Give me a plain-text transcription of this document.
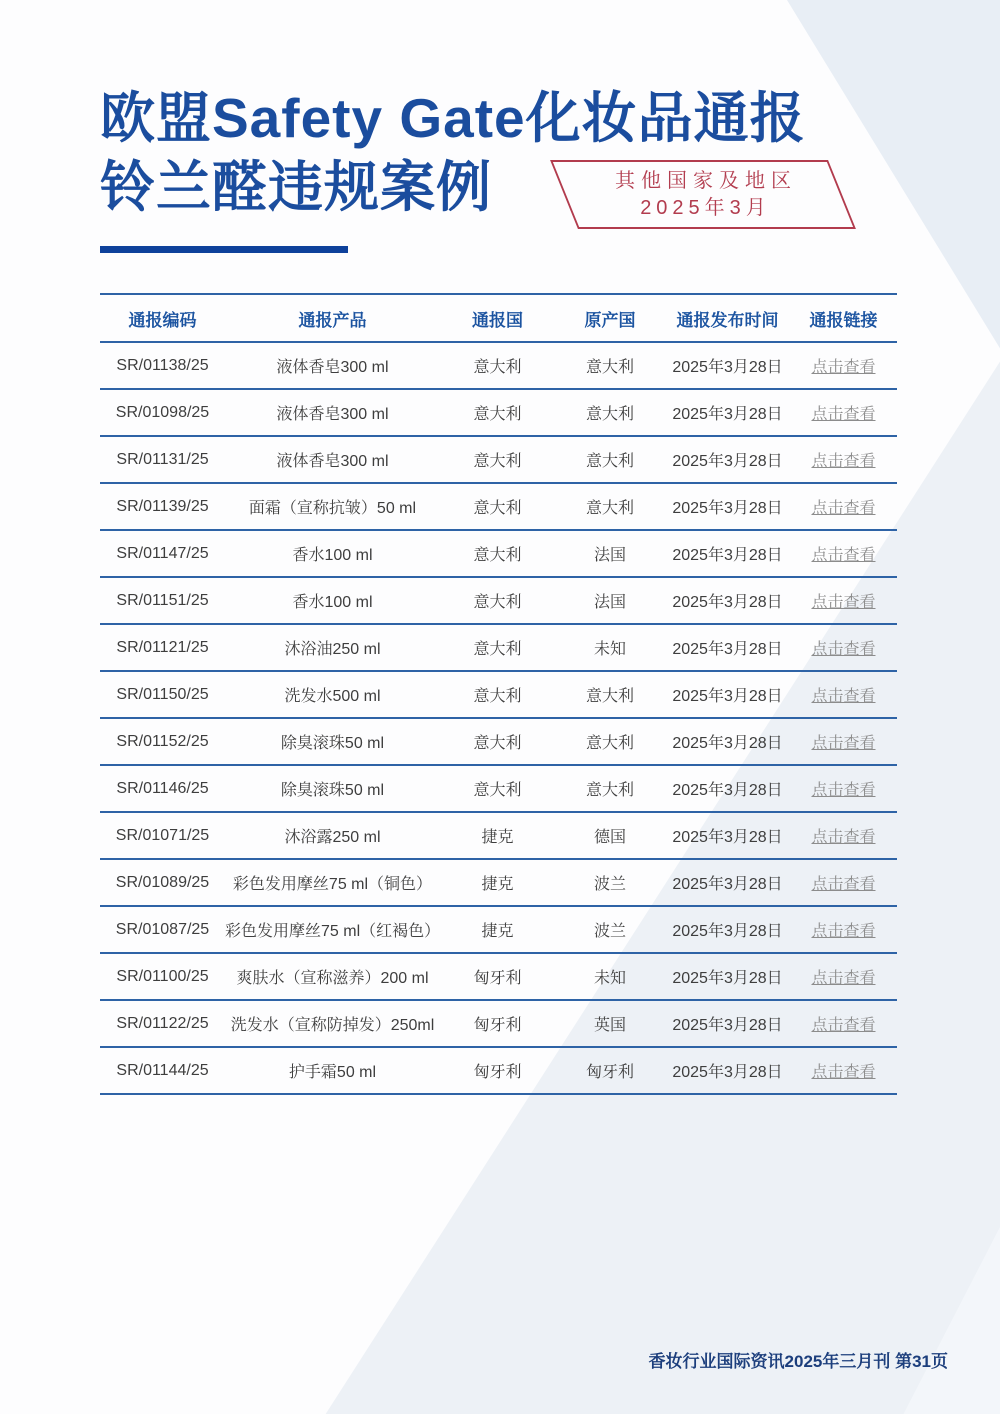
欧盟Safety Gate化妆品通报
铃兰醛违规案例	其他国家及地区
2025年3月
通报编码	通报产品	通报国	原产国	通报发布时间	通报链接
SR/01138/25	液体香皂300 ml	意大利	意大利	2025年3月28日	点击查看
SR/01098/25	液体香皂300 ml	意大利	意大利	2025年3月28日	点击查看
SR/01131/25	液体香皂300 ml	意大利	意大利	2025年3月28日	点击查看
SR/01139/25	面霜（宣称抗皱）50 ml	意大利	意大利	2025年3月28日	点击查看
SR/01147/25	香水100 ml	意大利	法国	2025年3月28日	点击查看
SR/01151/25	香水100 ml	意大利	法国	2025年3月28日	点击查看
SR/01121/25	沐浴油250 ml	意大利	未知	2025年3月28日	点击查看
SR/01150/25	洗发水500 ml	意大利	意大利	2025年3月28日	点击查看
SR/01152/25	除臭滚珠50 ml	意大利	意大利	2025年3月28日	点击查看
SR/01146/25	除臭滚珠50 ml	意大利	意大利	2025年3月28日	点击查看
SR/01071/25	沐浴露250 ml	捷克	德国	2025年3月28日	点击查看
SR/01089/25	彩色发用摩丝75 ml（铜色）	捷克	波兰	2025年3月28日	点击查看
SR/01087/25	彩色发用摩丝75 ml（红褐色）	捷克	波兰	2025年3月28日	点击查看
SR/01100/25	爽肤水（宣称滋养）200 ml	匈牙利	未知	2025年3月28日	点击查看
SR/01122/25	洗发水（宣称防掉发）250ml	匈牙利	英国	2025年3月28日	点击查看
SR/01144/25	护手霜50 ml	匈牙利	匈牙利	2025年3月28日	点击查看
香妆行业国际资讯2025年三月刊 第31页
